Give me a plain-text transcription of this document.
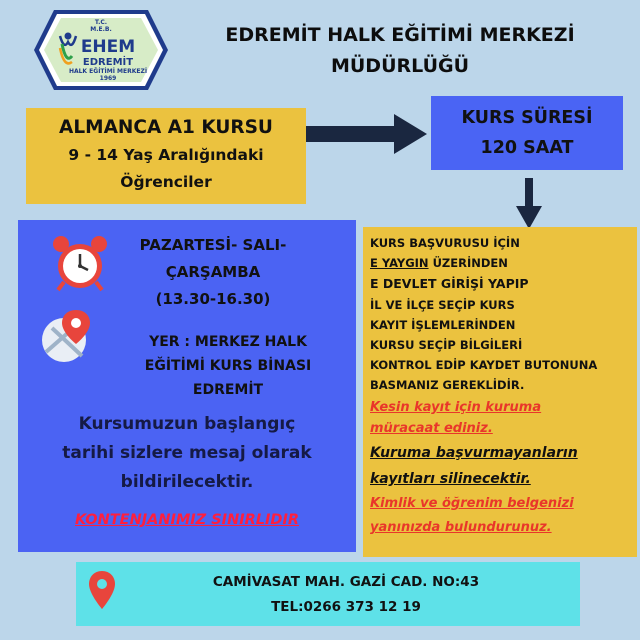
T.C.
M.E.B.
EHEM
EDREMİT
HALK EĞİTİMİ MERKEZİ
1969
EDREMİT HALK EĞİTİMİ MERKEZİ
MÜDÜRLÜĞÜ
ALMANCA A1 KURSU
9 - 14 Yaş Aralığındaki
Öğrenciler
KURS SÜRESİ
120 SAAT
PAZARTESİ- SALI-
ÇARŞAMBA
(13.30-16.30)
YER : MERKEZ HALK
EĞİTİMİ KURS BİNASI
EDREMİT
Kursumuzun başlangıç
tarihi sizlere mesaj olarak
bildirilecektir.
KONTENJANIMIZ SINIRLIDIR
KURS BAŞVURUSU İÇİN
E YAYGIN ÜZERİNDEN
E DEVLET GİRİŞİ YAPIP
İL VE İLÇE SEÇİP KURS
KAYIT İŞLEMLERİNDEN
KURSU SEÇİP BİLGİLERİ
KONTROL EDİP KAYDET BUTONUNA
BASMANIZ GEREKLİDİR.
Kesin kayıt için kuruma
müracaat ediniz.
Kuruma başvurmayanların
kayıtları silinecektir.
Kimlik ve öğrenim belgenizi
yanınızda bulundurunuz.
CAMİVASAT MAH. GAZİ CAD. NO:43
TEL:0266 373 12 19
